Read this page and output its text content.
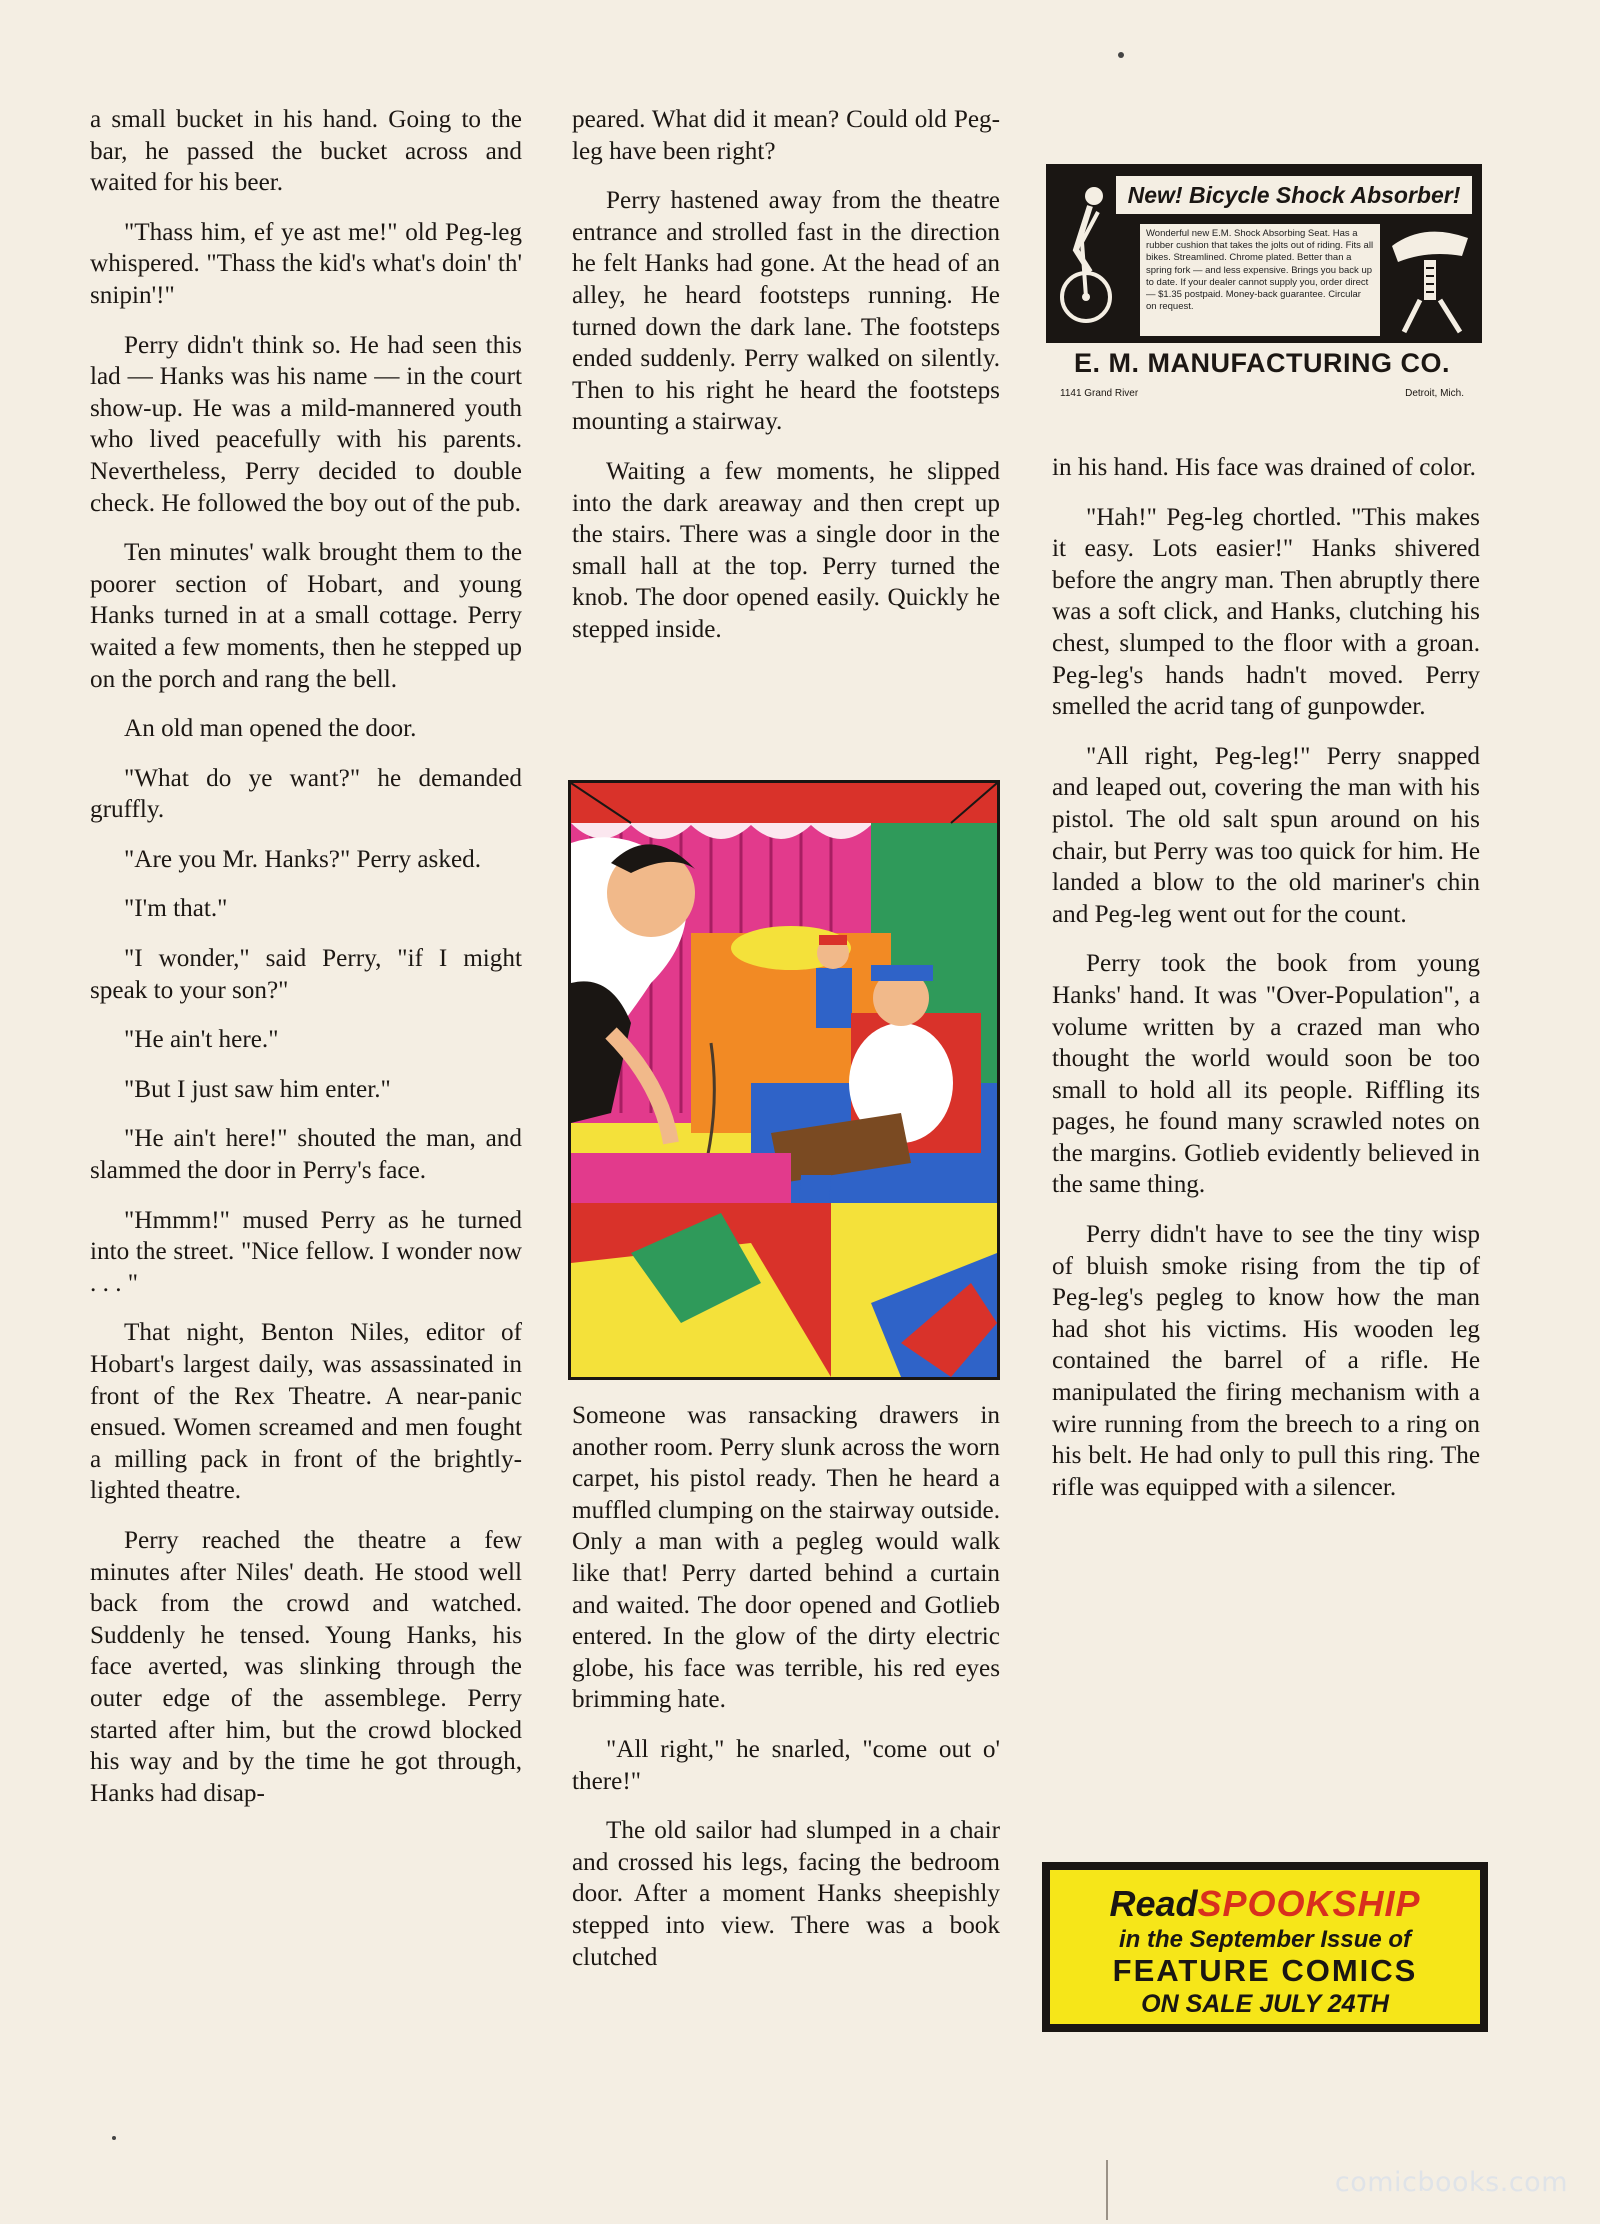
a small bucket in his hand. Going to the bar, he passed the bucket across and waited for his beer.

"Thass him, ef ye ast me!" old Peg-leg whispered. "Thass the kid's what's doin' th' snipin'!"

Perry didn't think so. He had seen this lad — Hanks was his name — in the court show-up. He was a mild-mannered youth who lived peacefully with his parents. Nevertheless, Perry decided to double check. He followed the boy out of the pub.

Ten minutes' walk brought them to the poorer section of Hobart, and young Hanks turned in at a small cottage. Perry waited a few moments, then he stepped up on the porch and rang the bell.

An old man opened the door.

"What do ye want?" he demanded gruffly.

"Are you Mr. Hanks?" Perry asked.

"I'm that."

"I wonder," said Perry, "if I might speak to your son?"

"He ain't here."

"But I just saw him enter."

"He ain't here!" shouted the man, and slammed the door in Perry's face.

"Hmmm!" mused Perry as he turned into the street. "Nice fellow. I wonder now . . . "

That night, Benton Niles, editor of Hobart's largest daily, was assassinated in front of the Rex Theatre. A near-panic ensued. Women screamed and men fought a milling pack in front of the brightly-lighted theatre.

Perry reached the theatre a few minutes after Niles' death. He stood well back from the crowd and watched. Suddenly he tensed. Young Hanks, his face averted, was slinking through the outer edge of the assemblege. Perry started after him, but the crowd blocked his way and by the time he got through, Hanks had disap-

peared. What did it mean? Could old Peg-leg have been right?

Perry hastened away from the theatre entrance and strolled fast in the direction he felt Hanks had gone. At the head of an alley, he heard footsteps running. He turned down the dark lane. The footsteps ended suddenly. Perry walked on silently. Then to his right he heard the footsteps mounting a stairway.

Waiting a few moments, he slipped into the dark areaway and then crept up the stairs. There was a single door in the small hall at the top. Perry turned the knob. The door opened easily. Quickly he stepped inside.

New! Bicycle Shock Absorber!
Wonderful new E.M. Shock Absorbing Seat. Has a rubber cushion that takes the jolts out of riding. Fits all bikes. Streamlined. Chrome plated. Better than a spring fork — and less expensive. Brings you back up to date. If your dealer cannot supply you, order direct — $1.35 postpaid. Money-back guarantee. Circular on request.
E. M. MANUFACTURING CO.
1141 Grand River	Detroit, Mich.

in his hand. His face was drained of color.

"Hah!" Peg-leg chortled. "This makes it easy. Lots easier!" Hanks shivered before the angry man. Then abruptly there was a soft click, and Hanks, clutching his chest, slumped to the floor with a groan. Peg-leg's hands hadn't moved. Perry smelled the acrid tang of gunpowder.

"All right, Peg-leg!" Perry snapped and leaped out, covering the man with his pistol. The old salt spun around on his chair, but Perry was too quick for him. He landed a blow to the old mariner's chin and Peg-leg went out for the count.

Perry took the book from young Hanks' hand. It was "Over-Population", a volume written by a crazed man who thought the world would soon be too small to hold all its people. Riffling its pages, he found many scrawled notes on the margins. Gotlieb evidently believed in the same thing.

Perry didn't have to see the tiny wisp of bluish smoke rising from the tip of Peg-leg's pegleg to know how the man had shot his victims. His wooden leg contained the barrel of a rifle. He manipulated the firing mechanism with a wire running from the breech to a ring on his belt. He had only to pull this ring. The rifle was equipped with a silencer.

Someone was ransacking drawers in another room. Perry slunk across the worn carpet, his pistol ready. Then he heard a muffled clumping on the stairway outside. Only a man with a pegleg would walk like that! Perry darted behind a curtain and waited. The door opened and Gotlieb entered. In the glow of the dirty electric globe, his face was terrible, his red eyes brimming hate.

"All right," he snarled, "come out o' there!"

The old sailor had slumped in a chair and crossed his legs, facing the bedroom door. After a moment Hanks sheepishly stepped into view. There was a book clutched

ReadSPOOKSHIP
in the September Issue of
FEATURE COMICS
ON SALE JULY 24TH
comicbooks.com
